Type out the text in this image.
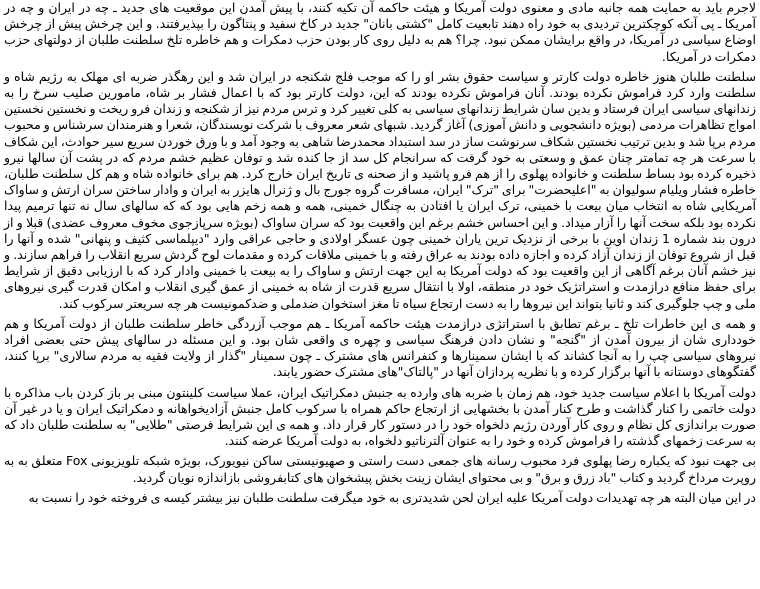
لاجرم باید به حمایت همه جانبه مادی و معنوی دولت آمریکا و هیئت حاکمه آن تکیه کنند، با پیش آمدن این موقعیت های جدید ـ چه در ایران و چه در آمریکا ـ پی آنکه کوچکترین تردیدی به خود راه دهند تابعیت کامل "کشتی بانان" جدید در کاخ سفید و پنتاگون را بپذیرفتند. و این چرخش پیش از چرخش اوضاع سیاسی در آمریکا، در واقع برایشان ممکن نبود. چرا؟ هم به دلیل روی کار بودن حزب دمکرات و هم خاطره تلخ سلطنت طلبان از دولتهای حزب دمکرات در آمریکا.

سلطنت طلبان هنوز خاطره دولت کارتر و سیاست حقوق بشر او را که موجب فلج شکنجه در ایران شد و این رهگذر ضربه ای مهلک به رژیم شاه و سلطنت وارد کرد فراموش نکرده بودند. آنان فراموش نکرده بودند که این، دولت کارتر بود که با اعمال فشار بر شاه، مامورین صلیب سرخ را به زندانهای سیاسی ایران فرستاد و بدین سان شرایط زندانهای سیاسی به کلی تغییر کرد و ترس مردم نیز از شکنجه و زندان فرو ریخت و نخستین نخستین امواج تظاهرات مردمی (بویژه دانشجویی و دانش آموزی) آغاز گردید. شبهای شعر معروف با شرکت نویسندگان، شعرا و هنرمندان سرشناس و محبوب مردم برپا شد و بدین ترتیب نخستین شکاف سرنوشت ساز در سد استبداد محمدرضا شاهی به وجود آمد و با ورق خوردن سریع سیر حوادث، این شکاف با سرعت هر چه تمامتر چنان عمق و وسعتی به خود گرفت که سرانجام کل سد از جا کنده شد و توفان عظیم خشم مردم که در پشت آن سالها نیرو ذخیره کرده بود بساط سلطنت و خانواده پهلوی را از هم فرو پاشید و از صحنه ی تاریخ ایران خارج کرد. هم برای خانواده شاه و هم کل سلطنت طلبان، خاطره فشار ویلیام سولیوان به "اعلیحضرت" برای "ترک" ایران، مسافرت گروه جورج بال و ژنرال هایزر به ایران و وادار ساختن سران ارتش و ساواک آمریکایی شاه به انتخاب میان بیعت با خمینی، ترک ایران یا افتادن به چنگال خمینی، همه و همه زخم هایی بود که که سالهای سال نه تنها ترمیم پیدا نکرده بود بلکه سخت آنها را آزار میداد. و این احساس خشم برغم این واقعیت بود که سران ساواک (بویژه سرپازجوی مخوف معروف عضدی) قبلا و از درون بند شماره 1 زندان اوین با برخی از نزدیک ترین یاران خمینی چون عسگر اولادی و حاجی عراقی وارد "دیپلماسی کثیف و پنهانی" شده و آنها را قبل از شروع توفان از زندان آزاد کرده و اجازه داده بودند به عراق رفته و با خمینی ملاقات کرده و مقدمات لوح گردش سریع انقلاب را فراهم سازند. و نیز خشم آنان برغم آگاهی از این واقعیت بود که دولت آمریکا به این جهت ارتش و ساواک را به بیعت با خمینی وادار کرد که با ارزیابی دقیق از شرایط برای حفظ منافع درازمدت و استراتژیک خود در منطقه، اولا با انتقال سریع قدرت از شاه به خمینی از عمق گیری انقلاب و امکان قدرت گیری نیروهای ملی و چپ جلوگیری کند و ثانیا بتواند این نیروها را به دست ارتجاع سیاه تا مغز استخوان ضدملی و ضدکمونیست هر چه سریعتر سرکوب کند.

و همه ی این خاطرات تلخ ـ برغم تطابق با استراتژی درازمدت هیئت حاکمه آمریکا ـ هم موجب آزردگی خاطر سلطنت طلبان از دولت آمریکا و هم خودداری شان از بیرون آمدن از "گنجه" و نشان دادن فرهنگ سیاسی و چهره ی واقعی شان بود. و این مسئله در سالهای پیش حتی بعضی افراد نیروهای سیاسی چپ را به آنجا کشاند که با ایشان سمینارها و کنفرانس های مشترک ـ چون سمینار "گذار از ولایت فقیه به مردم سالاری" برپا کنند، گفتگوهای دوستانه با آنها برگزار کرده و با نظریه پردازان آنها در "پالتاک"های مشترک حضور یابند.

دولت آمریکا با اعلام سیاست جدید خود، هم زمان با ضربه های وارده به جنبش دمکراتیک ایران، عملا سیاست کلینتون مبنی بر باز کردن باب مذاکره با دولت خاتمی را کنار گذاشت و طرح کنار آمدن با بخشهایی از ارتجاع حاکم همراه با سرکوب کامل جنبش آزادیخواهانه و دمکراتیک ایران و یا در غیر آن صورت براندازی کل نظام و روی کار آوردن رژیم دلخواه خود را در دستور کار قرار داد. و همه ی این شرایط فرصتی "طلایی" به سلطنت طلبان داد که به سرعت زخمهای گذشته را فراموش کرده و خود را به عنوان آلترناتیو دلخواه، به دولت آمریکا عرضه کنند.

بی جهت نبود که یکباره رضا پهلوی فرد محبوب رسانه های جمعی دست راستی و صهیونیستی ساکن نیویورک، بویژه شبکه تلویزیونی Fox متعلق به به روپرت مرداخ گردید و کتاب "باد زرق و برق" و بی محتوای ایشان زینت بخش پیشخوان های کتابفروشی بازاندازه نویان گردید.

در این میان البته هر چه تهدیدات دولت آمریکا علیه ایران لحن شدیدتری به خود میگرفت سلطنت طلبان نیز بیشتر کیسه ی فروخته خود را نسبت به
